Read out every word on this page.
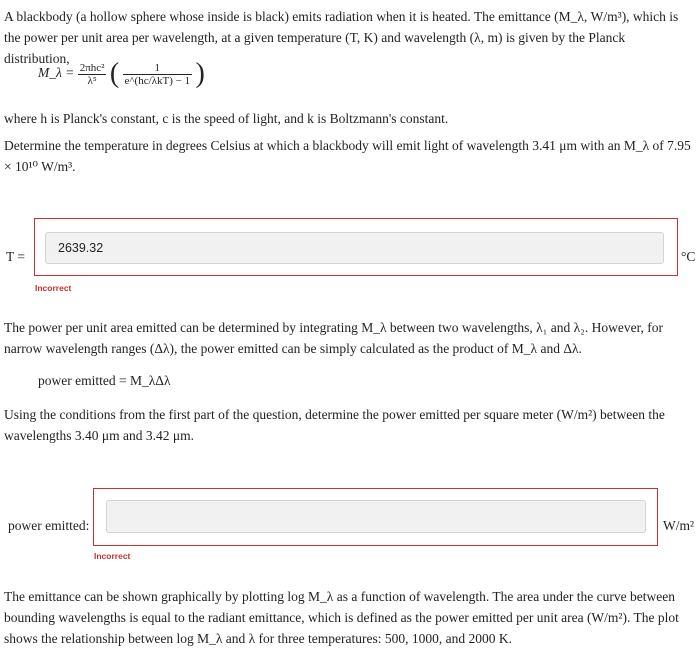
A blackbody (a hollow sphere whose inside is black) emits radiation when it is heated. The emittance (M_λ, W/m³), which is the power per unit area per wavelength, at a given temperature (T, K) and wavelength (λ, m) is given by the Planck distribution,

M_λ = $\frac{\text{2πhc²}}{\text{λ⁵}}$ ( $\frac{1}{\text{e\textasciicircum{}(hc/λkT) − 1}}$ )

where h is Planck's constant, c is the speed of light, and k is Boltzmann's constant.

Determine the temperature in degrees Celsius at which a blackbody will emit light of wavelength 3.41 μm with an M_λ of 7.95 × 10¹⁰ W/m³.

T =
2639.32
°C
Incorrect

The power per unit area emitted can be determined by integrating M_λ between two wavelengths, λ₁ and λ₂. However, for narrow wavelength ranges (Δλ), the power emitted can be simply calculated as the product of M_λ and Δλ.

power emitted = M_λΔλ

Using the conditions from the first part of the question, determine the power emitted per square meter (W/m²) between the wavelengths 3.40 μm and 3.42 μm.

power emitted:	W/m²
Incorrect

The emittance can be shown graphically by plotting log M_λ as a function of wavelength. The area under the curve between bounding wavelengths is equal to the radiant emittance, which is defined as the power emitted per unit area (W/m²). The plot shows the relationship between log M_λ and λ for three temperatures: 500, 1000, and 2000 K.
